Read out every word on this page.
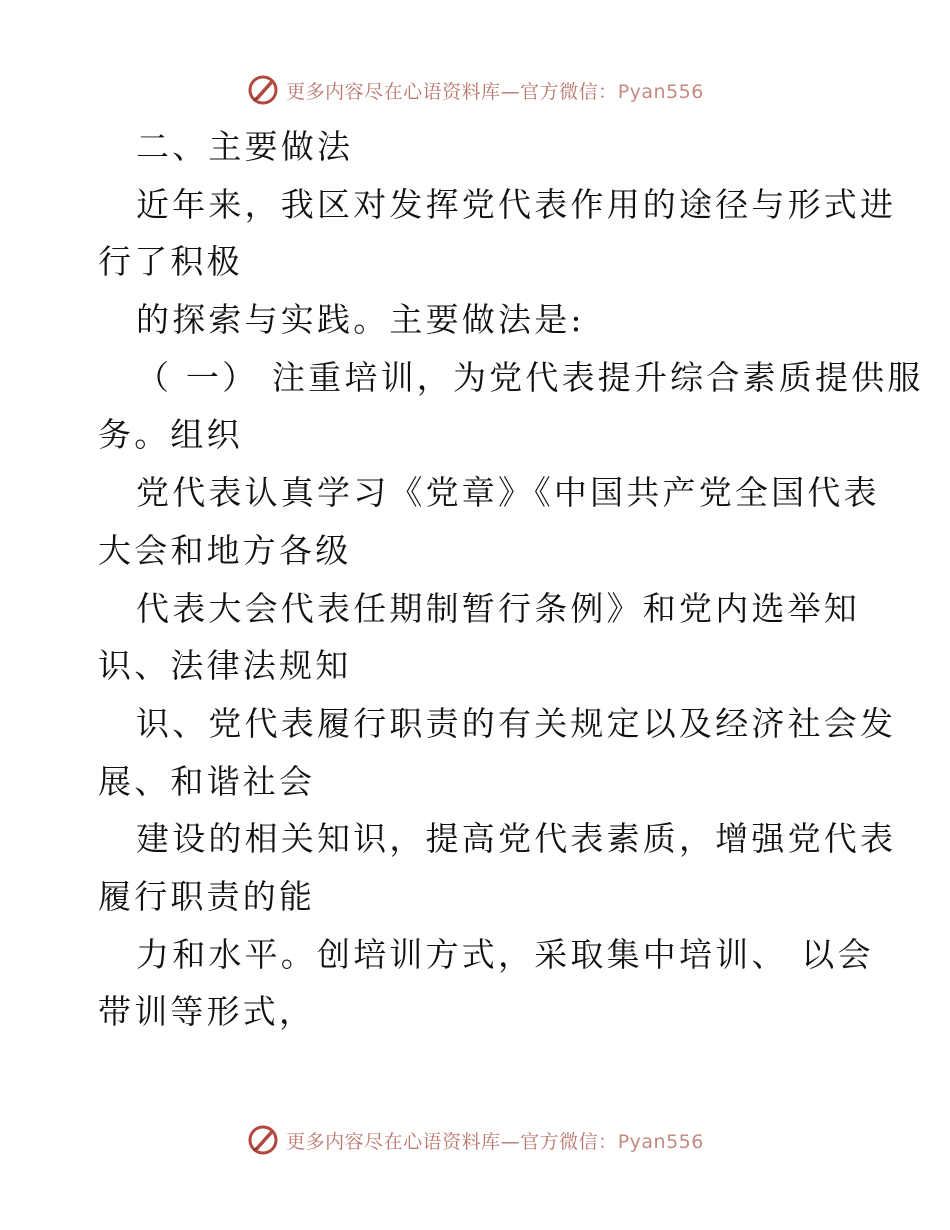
更多内容尽在心语资料库—官方微信：Pyan556
二、主要做法
近年来，我区对发挥党代表作用的途径与形式进
行了积极
的探索与实践。主要做法是:
（ 一） 注重培训，为党代表提升综合素质提供服
务。组织
党代表认真学习《党章》《中国共产党全国代表
大会和地方各级
代表大会代表任期制暂行条例》和党内选举知
识、法律法规知
识、党代表履行职责的有关规定以及经济社会发
展、和谐社会
建设的相关知识，提高党代表素质，增强党代表
履行职责的能
力和水平。创培训方式，采取集中培训、 以会
带训等形式，
更多内容尽在心语资料库—官方微信：Pyan556
